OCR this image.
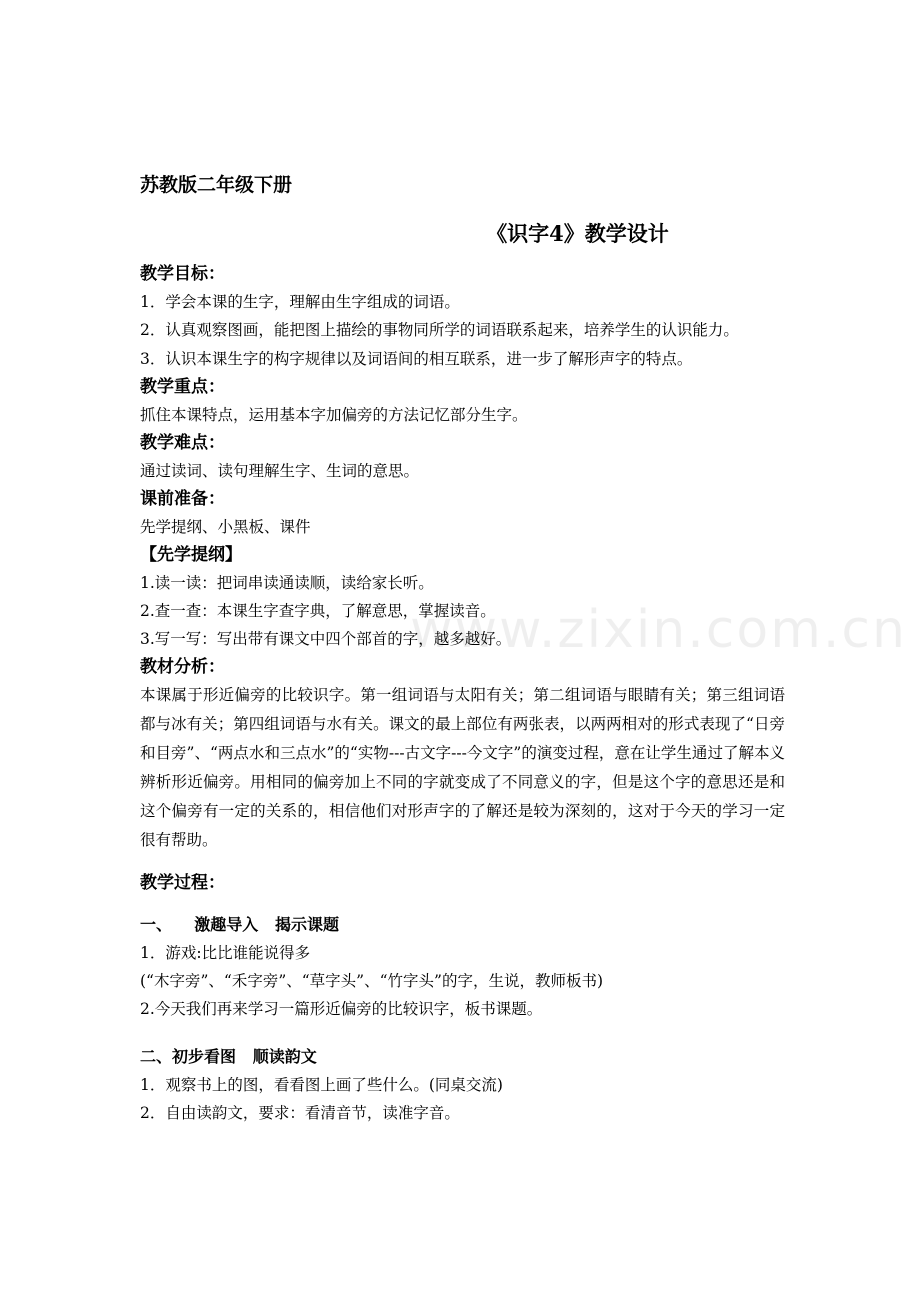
www.zixin.com.cn
苏教版二年级下册
《识字4》教学设计
教学目标：
1．学会本课的生字，理解由生字组成的词语。
2．认真观察图画，能把图上描绘的事物同所学的词语联系起来，培养学生的认识能力。
3．认识本课生字的构字规律以及词语间的相互联系，进一步了解形声字的特点。
教学重点：
抓住本课特点，运用基本字加偏旁的方法记忆部分生字。
教学难点：
通过读词、读句理解生字、生词的意思。
课前准备：
先学提纲、小黑板、课件
【先学提纲】
1.读一读：把词串读通读顺，读给家长听。
2.查一查：本课生字查字典，了解意思，掌握读音。
3.写一写：写出带有课文中四个部首的字，越多越好。
教材分析：
本课属于形近偏旁的比较识字。第一组词语与太阳有关；第二组词语与眼睛有关；第三组词语都与冰有关；第四组词语与水有关。课文的最上部位有两张表，以两两相对的形式表现了“日旁和目旁”、“两点水和三点水”的“实物---古文字---今文字”的演变过程，意在让学生通过了解本义辨析形近偏旁。用相同的偏旁加上不同的字就变成了不同意义的字，但是这个字的意思还是和这个偏旁有一定的关系的，相信他们对形声字的了解还是较为深刻的，这对于今天的学习一定很有帮助。
教学过程：
一、    激趣导入   揭示课题
1．游戏:比比谁能说得多
(“木字旁”、“禾字旁”、“草字头”、“竹字头”的字，生说，教师板书)
2.今天我们再来学习一篇形近偏旁的比较识字，板书课题。
二、初步看图   顺读韵文
1．观察书上的图，看看图上画了些什么。(同桌交流)
2．自由读韵文，要求：看清音节，读准字音。
